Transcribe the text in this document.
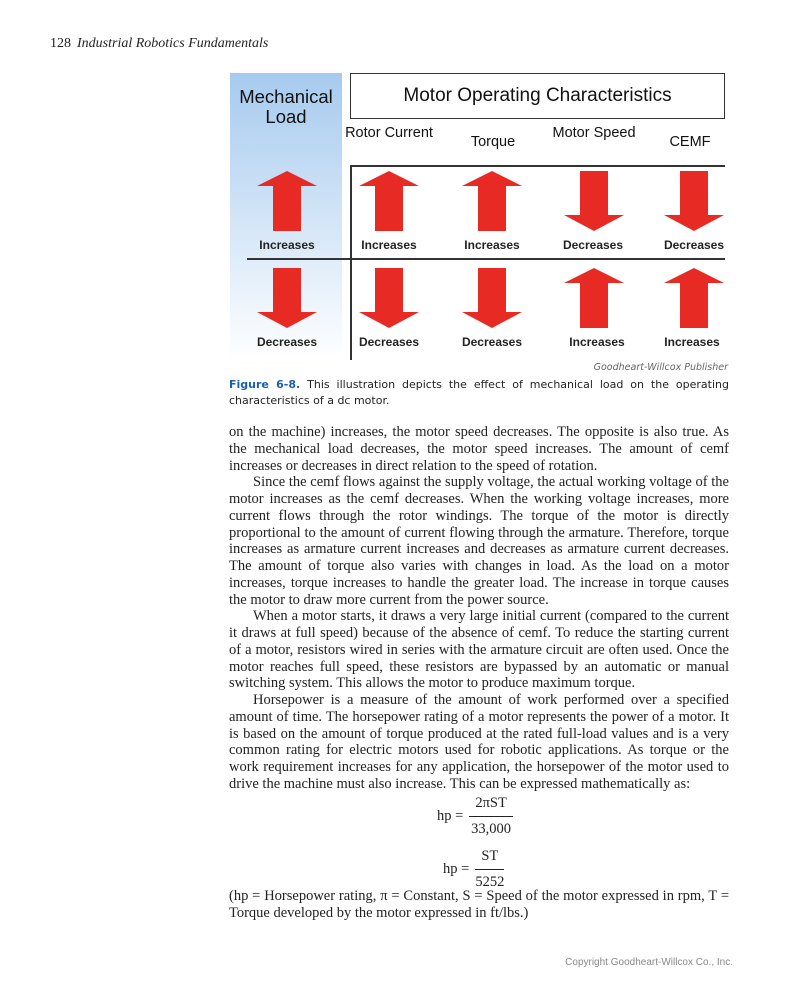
128 Industrial Robotics Fundamentals
Mechanical Load
Motor Operating Characteristics
Rotor Current
Torque
Motor Speed
CEMF
Increases	Increases	Increases	Decreases	Decreases
Decreases	Decreases	Decreases	Increases	Increases
Goodheart-Willcox Publisher
Figure 6-8. This illustration depicts the effect of mechanical load on the operating characteristics of a dc motor.

on the machine) increases, the motor speed decreases. The opposite is also true. As the mechanical load decreases, the motor speed increases. The amount of cemf increases or decreases in direct relation to the speed of rotation.

Since the cemf flows against the supply voltage, the actual working voltage of the motor increases as the cemf decreases. When the working voltage increases, more current flows through the rotor windings. The torque of the motor is directly proportional to the amount of current flowing through the armature. Therefore, torque increases as armature current increases and decreases as armature current decreases. The amount of torque also varies with changes in load. As the load on a motor increases, torque increases to handle the greater load. The increase in torque causes the motor to draw more current from the power source.

When a motor starts, it draws a very large initial current (compared to the current it draws at full speed) because of the absence of cemf. To reduce the starting current of a motor, resistors wired in series with the armature circuit are often used. Once the motor reaches full speed, these resistors are bypassed by an automatic or manual switching system. This allows the motor to produce maximum torque.

Horsepower is a measure of the amount of work performed over a specified amount of time. The horsepower rating of a motor represents the power of a motor. It is based on the amount of torque produced at the rated full-load values and is a very common rating for electric motors used for robotic applications. As torque or the work requirement increases for any application, the horsepower of the motor used to drive the machine must also increase. This can be expressed mathematically as:

hp = $\frac{\text{2πST}}{33,000}$
hp = $\frac{ST}{5252}$
(hp = Horsepower rating, π = Constant, S = Speed of the motor expressed in rpm, T = Torque developed by the motor expressed in ft/lbs.)
Copyright Goodheart-Willcox Co., Inc.
